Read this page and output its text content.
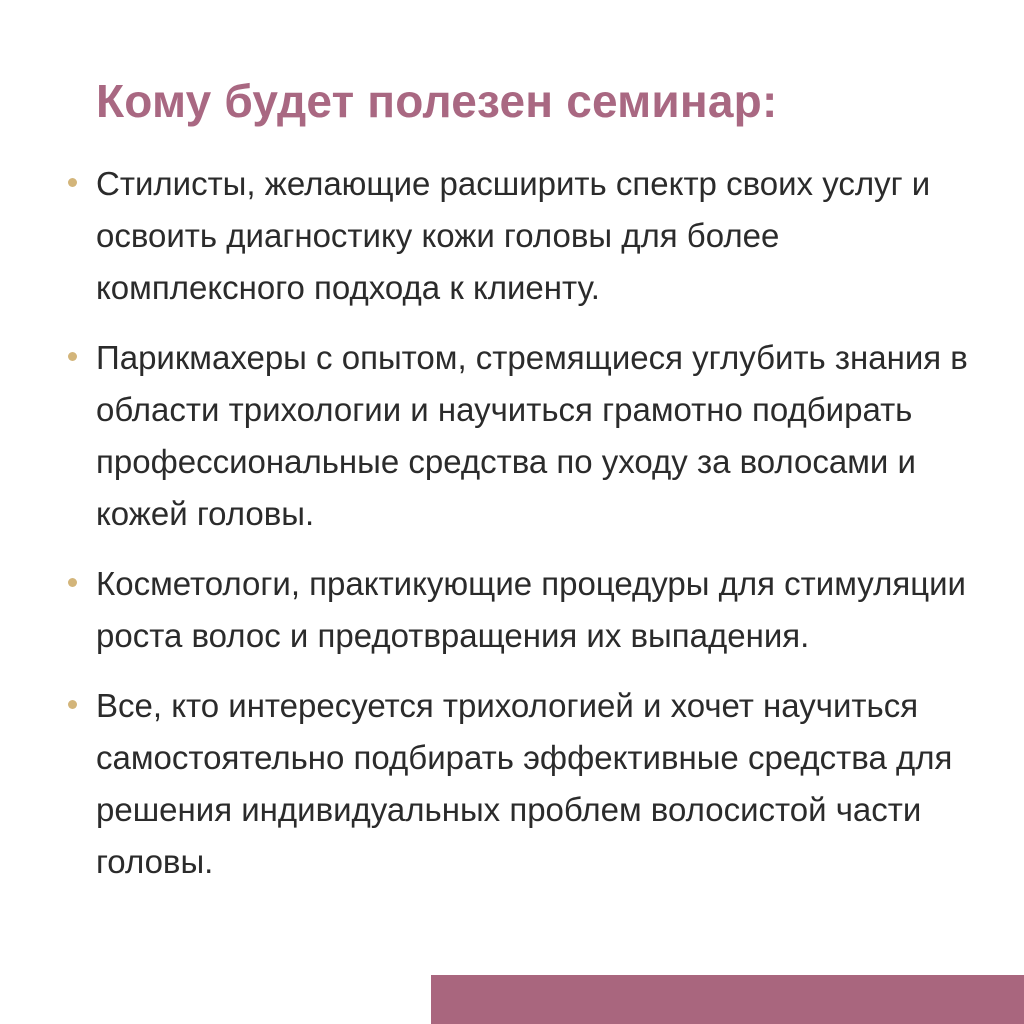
Кому будет полезен семинар:
Стилисты, желающие расширить спектр своих услуг и освоить диагностику кожи головы для более комплексного подхода к клиенту.
Парикмахеры с опытом, стремящиеся углубить знания в области трихологии и научиться грамотно подбирать профессиональные средства по уходу за волосами и кожей головы.
Косметологи, практикующие процедуры для стимуляции роста волос и предотвращения их выпадения.
Все, кто интересуется трихологией и хочет научиться самостоятельно подбирать эффективные средства для решения индивидуальных проблем волосистой части головы.
